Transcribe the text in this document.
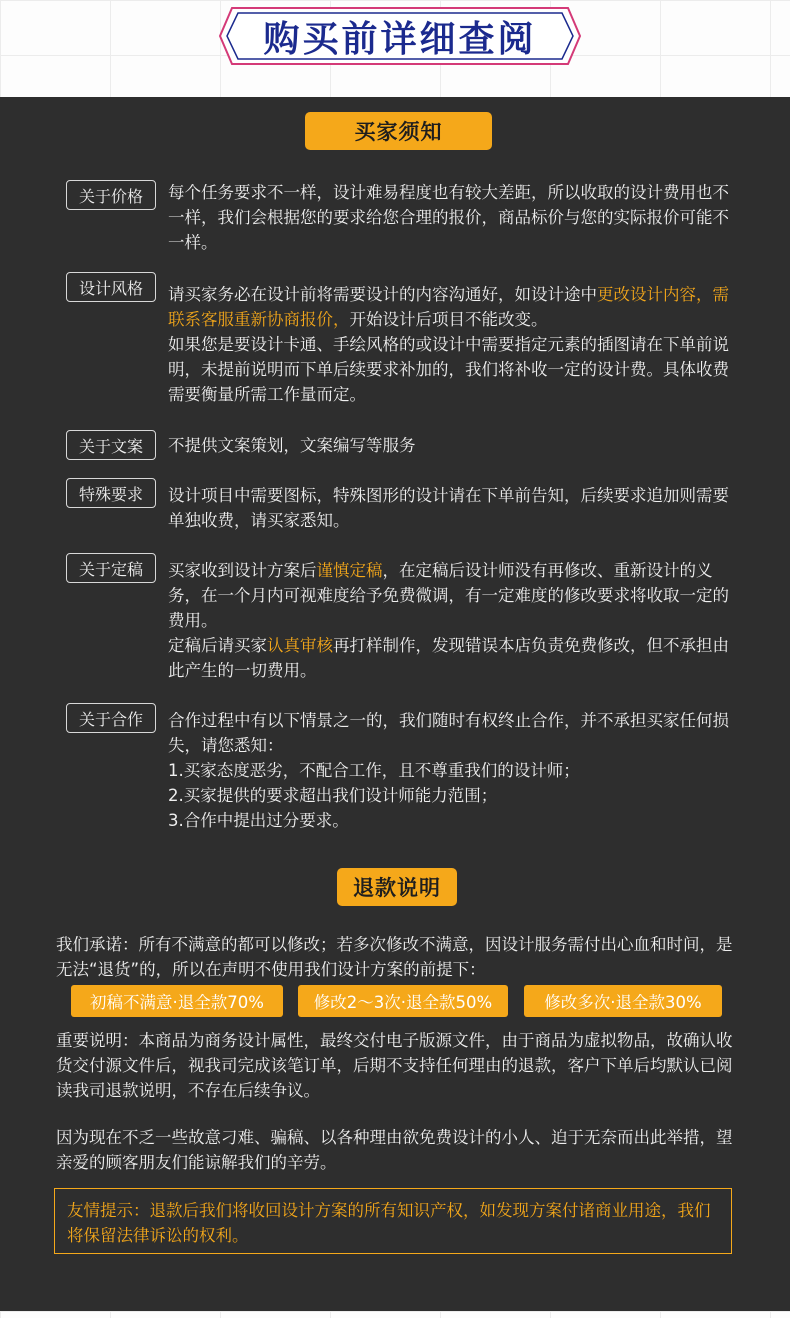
购买前详细查阅
买家须知
关于价格	每个任务要求不一样，设计难易程度也有较大差距，所以收取的设计费用也不一样，我们会根据您的要求给您合理的报价，商品标价与您的实际报价可能不一样。
设计风格	请买家务必在设计前将需要设计的内容沟通好，如设计途中更改设计内容，需联系客服重新协商报价，开始设计后项目不能改变。
如果您是要设计卡通、手绘风格的或设计中需要指定元素的插图请在下单前说明，未提前说明而下单后续要求补加的，我们将补收一定的设计费。具体收费需要衡量所需工作量而定。
关于文案	不提供文案策划，文案编写等服务
特殊要求	设计项目中需要图标，特殊图形的设计请在下单前告知，后续要求追加则需要单独收费，请买家悉知。
关于定稿	买家收到设计方案后谨慎定稿，在定稿后设计师没有再修改、重新设计的义务，在一个月内可视难度给予免费微调，有一定难度的修改要求将收取一定的费用。
定稿后请买家认真审核再打样制作，发现错误本店负责免费修改，但不承担由此产生的一切费用。
关于合作	合作过程中有以下情景之一的，我们随时有权终止合作，并不承担买家任何损失，请您悉知：
1.买家态度恶劣，不配合工作，且不尊重我们的设计师；
2.买家提供的要求超出我们设计师能力范围；
3.合作中提出过分要求。
退款说明
我们承诺：所有不满意的都可以修改；若多次修改不满意，因设计服务需付出心血和时间，是无法“退货”的，所以在声明不使用我们设计方案的前提下：
初稿不满意·退全款70%	修改2～3次·退全款50%	修改多次·退全款30%
重要说明：本商品为商务设计属性，最终交付电子版源文件，由于商品为虚拟物品，故确认收货交付源文件后，视我司完成该笔订单，后期不支持任何理由的退款，客户下单后均默认已阅读我司退款说明，不存在后续争议。
因为现在不乏一些故意刁难、骗稿、以各种理由欲免费设计的小人、迫于无奈而出此举措，望亲爱的顾客朋友们能谅解我们的辛劳。
友情提示：退款后我们将收回设计方案的所有知识产权，如发现方案付诸商业用途，我们将保留法律诉讼的权利。
